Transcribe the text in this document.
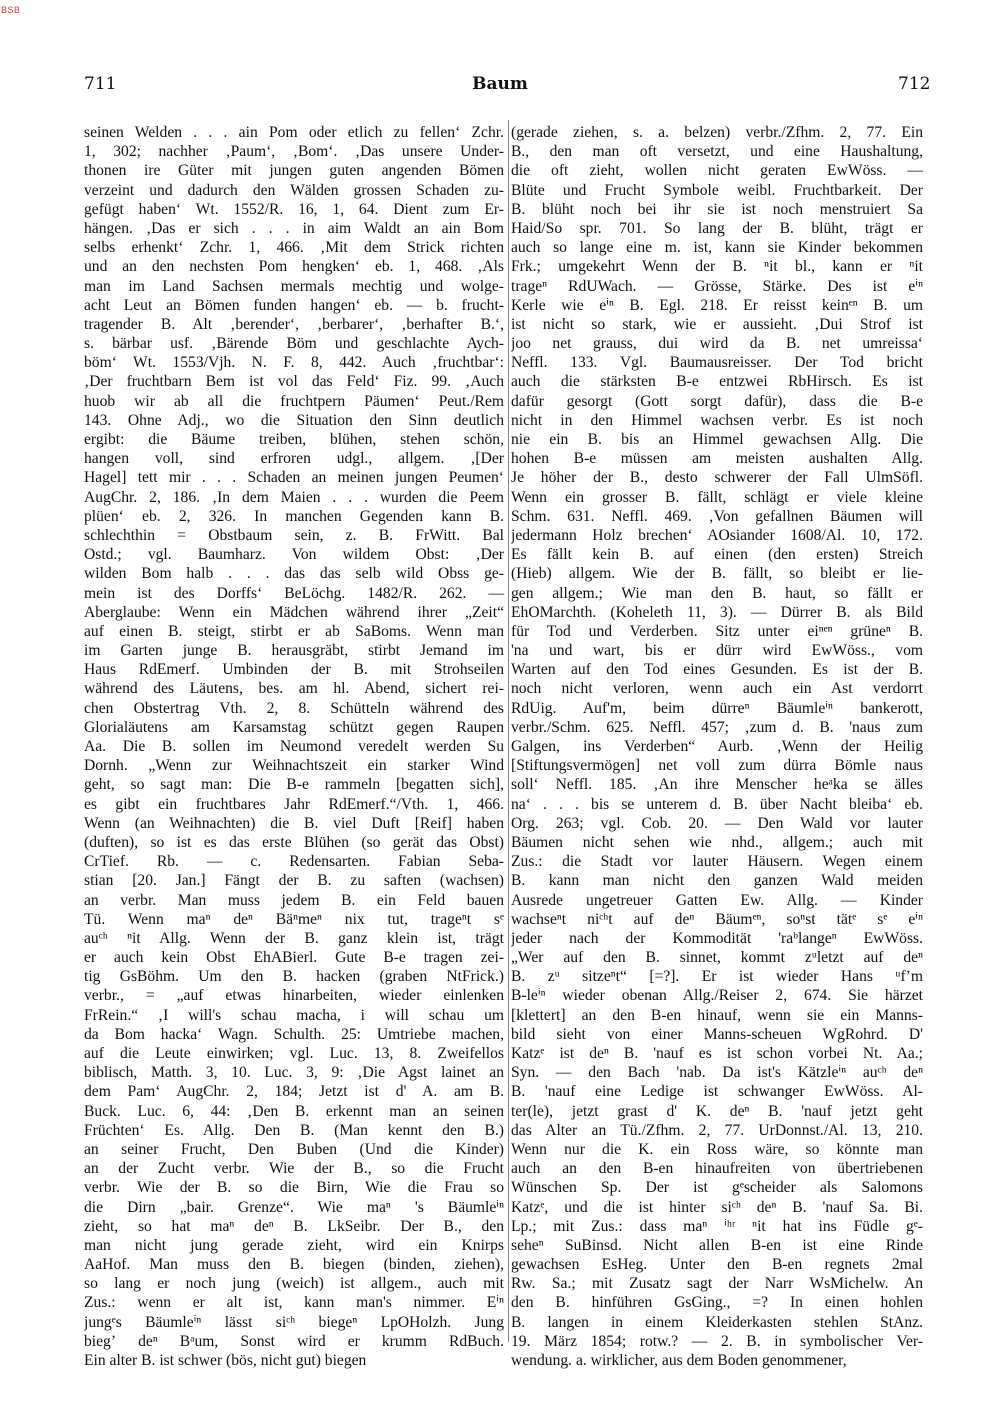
BSB
711	Baum	712
seinen Welden . . . ain Pom oder etlich zu fellen‘ Zchr.
1, 302; nachher ‚Paum‘, ‚Bom‘. ‚Das unsere Under-
thonen ire Güter mit jungen guten angenden Bömen
verzeint und dadurch den Wälden grossen Schaden zu-
gefügt haben‘ Wt. 1552/R. 16, 1, 64. Dient zum Er-
hängen. ‚Das er sich . . . in aim Waldt an ain Bom
selbs erhenkt‘ Zchr. 1, 466. ‚Mit dem Strick richten
und an den nechsten Pom hengken‘ eb. 1, 468. ‚Als
man im Land Sachsen mermals mechtig und wolge-
acht Leut an Bömen funden hangen‘ eb. — b. frucht-
tragender B. Alt ‚berender‘, ‚berbarer‘, ‚berhafter B.‘,
s. bärbar usf. ‚Bärende Böm und geschlachte Aych-
böm‘ Wt. 1553/Vjh. N. F. 8, 442. Auch ‚fruchtbar‘:
‚Der fruchtbarn Bem ist vol das Feld‘ Fiz. 99. ‚Auch
huob wir ab all die fruchtpern Päumen‘ Peut./Rem
143. Ohne Adj., wo die Situation den Sinn deutlich
ergibt: die Bäume treiben, blühen, stehen schön,
hangen voll, sind erfroren udgl., allgem. ‚[Der
Hagel] tett mir . . . Schaden an meinen jungen Peumen‘
AugChr. 2, 186. ‚In dem Maien . . . wurden die Peem
plüen‘ eb. 2, 326. In manchen Gegenden kann B.
schlechthin = Obstbaum sein, z. B. FrWitt. Bal
Ostd.; vgl. Baumharz. Von wildem Obst: ‚Der
wilden Bom halb . . . das das selb wild Obss ge-
mein ist des Dorffs‘ BeLöchg. 1482/R. 262. —
Aberglaube: Wenn ein Mädchen während ihrer „Zeit“
auf einen B. steigt, stirbt er ab SaBoms. Wenn man
im Garten junge B. herausgräbt, stirbt Jemand im
Haus RdEmerf. Umbinden der B. mit Strohseilen
während des Läutens, bes. am hl. Abend, sichert rei-
chen Obstertrag Vth. 2, 8. Schütteln während des
Glorialäutens am Karsamstag schützt gegen Raupen
Aa. Die B. sollen im Neumond veredelt werden Su
Dornh. „Wenn zur Weihnachtszeit ein starker Wind
geht, so sagt man: Die B-e rammeln [begatten sich],
es gibt ein fruchtbares Jahr RdEmerf.“/Vth. 1, 466.
Wenn (an Weihnachten) die B. viel Duft [Reif] haben
(duften), so ist es das erste Blühen (so gerät das Obst)
CrTief. Rb. — c. Redensarten. Fabian Seba-
stian [20. Jan.] Fängt der B. zu saften (wachsen)
an verbr. Man muss jedem B. ein Feld bauen
Tü. Wenn maⁿ deⁿ Bäⁿmeⁿ nix tut, trageⁿt sᵉ
auᶜʰ ⁿit Allg. Wenn der B. ganz klein ist, trägt
er auch kein Obst EhABierl. Gute B-e tragen zei-
tig GsBöhm. Um den B. hacken (graben NtFrick.)
verbr., = „auf etwas hinarbeiten, wieder einlenken
FrRein.“ ‚I will's schau macha, i will schau um
da Bom hacka‘ Wagn. Schulth. 25: Umtriebe machen,
auf die Leute einwirken; vgl. Luc. 13, 8. Zweifellos
biblisch, Matth. 3, 10. Luc. 3, 9: ‚Die Agst lainet an
dem Pam‘ AugChr. 2, 184; Jetzt ist d' A. am B.
Buck. Luc. 6, 44: ‚Den B. erkennt man an seinen
Früchten‘ Es. Allg. Den B. (Man kennt den B.)
an seiner Frucht, Den Buben (Und die Kinder)
an der Zucht verbr. Wie der B., so die Frucht
verbr. Wie der B. so die Birn, Wie die Frau so
die Dirn „bair. Grenze“. Wie maⁿ 's Bäumleⁱⁿ
zieht, so hat maⁿ deⁿ B. LkSeibr. Der B., den
man nicht jung gerade zieht, wird ein Knirps
AaHof. Man muss den B. biegen (binden, ziehen),
so lang er noch jung (weich) ist allgem., auch mit
Zus.: wenn er alt ist, kann man's nimmer. Eⁱⁿ
jungᵉs Bäumleⁱⁿ lässt siᶜʰ biegeⁿ LpOHolzh. Jung
biegʼ deⁿ Bᵃum, Sonst wird er krumm RdBuch.
Ein alter B. ist schwer (bös, nicht gut) biegen
(gerade ziehen, s. a. belzen) verbr./Zfhm. 2, 77. Ein
B., den man oft versetzt, und eine Haushaltung,
die oft zieht, wollen nicht geraten EwWöss. —
Blüte und Frucht Symbole weibl. Fruchtbarkeit. Der
B. blüht noch bei ihr sie ist noch menstruiert Sa
Haid/So spr. 701. So lang der B. blüht, trägt er
auch so lange eine m. ist, kann sie Kinder bekommen
Frk.; umgekehrt Wenn der B. ⁿit bl., kann er ⁿit
trageⁿ RdUWach. — Grösse, Stärke. Des ist eⁱⁿ
Kerle wie eⁱⁿ B. Egl. 218. Er reisst keinᵉⁿ B. um
ist nicht so stark, wie er aussieht. ‚Dui Strof ist
joo net grauss, dui wird da B. net umreissa‘
Neffl. 133. Vgl. Baumausreisser. Der Tod bricht
auch die stärksten B-e entzwei RbHirsch. Es ist
dafür gesorgt (Gott sorgt dafür), dass die B-e
nicht in den Himmel wachsen verbr. Es ist noch
nie ein B. bis an Himmel gewachsen Allg. Die
hohen B-e müssen am meisten aushalten Allg.
Je höher der B., desto schwerer der Fall UlmSöfl.
Wenn ein grosser B. fällt, schlägt er viele kleine
Schm. 631. Neffl. 469. ‚Von gefallnen Bäumen will
jedermann Holz brechen‘ AOsiander 1608/Al. 10, 172.
Es fällt kein B. auf einen (den ersten) Streich
(Hieb) allgem. Wie der B. fällt, so bleibt er lie-
gen allgem.; Wie man den B. haut, so fällt er
EhOMarchth. (Koheleth 11, 3). — Dürrer B. als Bild
für Tod und Verderben. Sitz unter eiⁿᵉⁿ grüneⁿ B.
'na und wart, bis er dürr wird EwWöss., vom
Warten auf den Tod eines Gesunden. Es ist der B.
noch nicht verloren, wenn auch ein Ast verdorrt
RdUig. Auf'm, beim dürreⁿ Bäumleⁱⁿ bankerott,
verbr./Schm. 625. Neffl. 457; ‚zum d. B. 'naus zum
Galgen, ins Verderben“ Aurb. ‚Wenn der Heilig
[Stiftungsvermögen] net voll zum dürra Bömle naus
soll‘ Neffl. 185. ‚An ihre Menscher heᵃka se älles
na‘ . . . bis se unterem d. B. über Nacht bleiba‘ eb.
Org. 263; vgl. Cob. 20. — Den Wald vor lauter
Bäumen nicht sehen wie nhd., allgem.; auch mit
Zus.: die Stadt vor lauter Häusern. Wegen einem
B. kann man nicht den ganzen Wald meiden
Ausrede ungetreuer Gatten Ew. Allg. — Kinder
wachseⁿt niᶜʰt auf deⁿ Bäumᵉⁿ, soⁿst tätᵉ sᵉ eⁱⁿ
jeder nach der Kommodität 'raᵇlangeⁿ EwWöss.
„Wer auf den B. sinnet, kommt zᵘletzt auf deⁿ
B. zᵘ sitzeⁿt“ [=?]. Er ist wieder Hans ᵘfʼm
B-leⁱⁿ wieder obenan Allg./Reiser 2, 674. Sie härzet
[klettert] an den B-en hinauf, wenn sie ein Manns-
bild sieht von einer Manns-scheuen WgRohrd. D'
Katzᵉ ist deⁿ B. 'nauf es ist schon vorbei Nt. Aa.;
Syn. — den Bach 'nab. Da ist's Kätzleⁱⁿ auᶜʰ deⁿ
B. 'nauf eine Ledige ist schwanger EwWöss. Al-
ter(le), jetzt grast d' K. deⁿ B. 'nauf jetzt geht
das Alter an Tü./Zfhm. 2, 77. UrDonnst./Al. 13, 210.
Wenn nur die K. ein Ross wäre, so könnte man
auch an den B-en hinaufreiten von übertriebenen
Wünschen Sp. Der ist gᵉscheider als Salomons
Katzᵉ, und die ist hinter siᶜʰ deⁿ B. 'nauf Sa. Bi.
Lp.; mit Zus.: dass maⁿ ⁱʰʳ ⁿit hat ins Füdle gᵉ-
seheⁿ SuBinsd. Nicht allen B-en ist eine Rinde
gewachsen EsHeg. Unter den B-en regnets 2mal
Rw. Sa.; mit Zusatz sagt der Narr WsMichelw. An
den B. hinführen GsGing., =? In einen hohlen
B. langen in einem Kleiderkasten stehlen StAnz.
19. März 1854; rotw.? — 2. B. in symbolischer Ver-
wendung. a. wirklicher, aus dem Boden genommener,
